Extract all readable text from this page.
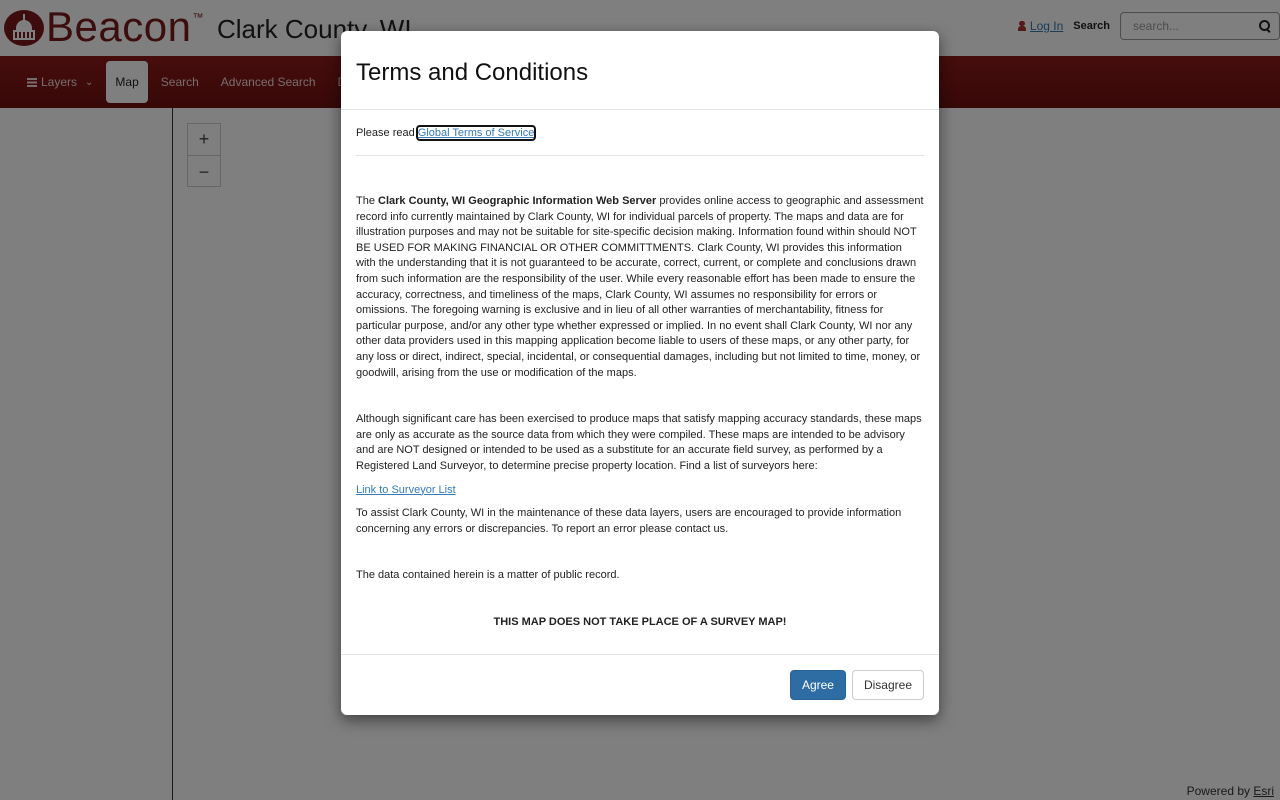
search...
Terms and Conditions
Please read Global Terms of Service

The Clark County, WI Geographic Information Web Server provides online access to geographic and assessment record info currently maintained by Clark County, WI for individual parcels of property. The maps and data are for illustration purposes and may not be suitable for site-specific decision making. Information found within should NOT BE USED FOR MAKING FINANCIAL OR OTHER COMMITTMENTS. Clark County, WI provides this information with the understanding that it is not guaranteed to be accurate, correct, current, or complete and conclusions drawn from such information are the responsibility of the user. While every reasonable effort has been made to ensure the accuracy, correctness, and timeliness of the maps, Clark County, WI assumes no responsibility for errors or omissions. The foregoing warning is exclusive and in lieu of all other warranties of merchantability, fitness for particular purpose, and/or any other type whether expressed or implied. In no event shall Clark County, WI nor any other data providers used in this mapping application become liable to users of these maps, or any other party, for any loss or direct, indirect, special, incidental, or consequential damages, including but not limited to time, money, or goodwill, arising from the use or modification of the maps.

Although significant care has been exercised to produce maps that satisfy mapping accuracy standards, these maps are only as accurate as the source data from which they were compiled. These maps are intended to be advisory and are NOT designed or intended to be used as a substitute for an accurate field survey, as performed by a Registered Land Surveyor, to determine precise property location. Find a list of surveyors here:

Link to Surveyor List

To assist Clark County, WI in the maintenance of these data layers, users are encouraged to provide information concerning any errors or discrepancies. To report an error please contact us.

The data contained herein is a matter of public record.

THIS MAP DOES NOT TAKE PLACE OF A SURVEY MAP!

Agree	Disagree
